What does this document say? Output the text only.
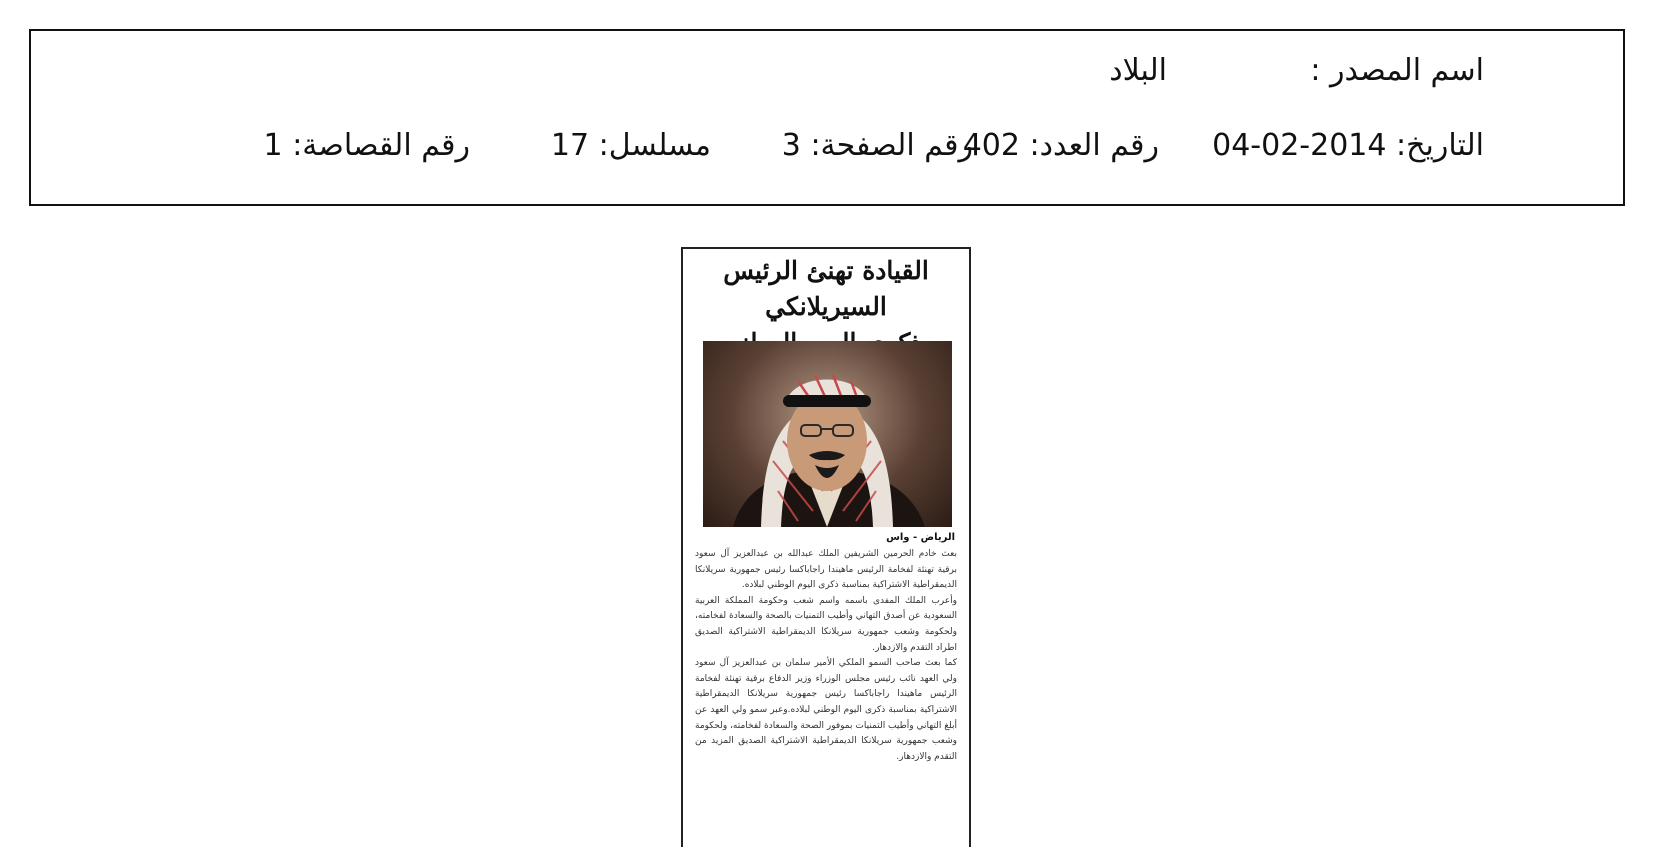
اسم المصدر :
البلاد
التاريخ: 04-02-2014
رقم العدد: 402
رقم الصفحة: 3
مسلسل: 17
رقم القصاصة: 1
القيادة تهنئ الرئيس السيريلانكي
الرياض - واس

بعث خادم الحرمين الشريفين الملك عبدالله بن عبدالعزيز آل سعود برقية تهنئة لفخامة الرئيس ماهيندا راجاباكسا رئيس جمهورية سريلانكا الديمقراطية الاشتراكية بمناسبة ذكرى اليوم الوطني لبلاده.

وأعرب الملك المفدى باسمه واسم شعب وحكومة المملكة العربية السعودية عن أصدق التهاني وأطيب التمنيات بالصحة والسعادة لفخامته، ولحكومة وشعب جمهورية سريلانكا الديمقراطية الاشتراكية الصديق اطراد التقدم والازدهار.

كما بعث صاحب السمو الملكي الأمير سلمان بن عبدالعزيز آل سعود ولي العهد نائب رئيس مجلس الوزراء وزير الدفاع برقية تهنئة لفخامة الرئيس ماهيندا راجاباكسا رئيس جمهورية سريلانكا الديمقراطية الاشتراكية بمناسبة ذكرى اليوم الوطني لبلاده.وعبر سمو ولي العهد عن أبلغ التهاني وأطيب التمنيات بموفور الصحة والسعادة لفخامته، ولحكومة وشعب جمهورية سريلانكا الديمقراطية الاشتراكية الصديق المزيد من التقدم والازدهار.
